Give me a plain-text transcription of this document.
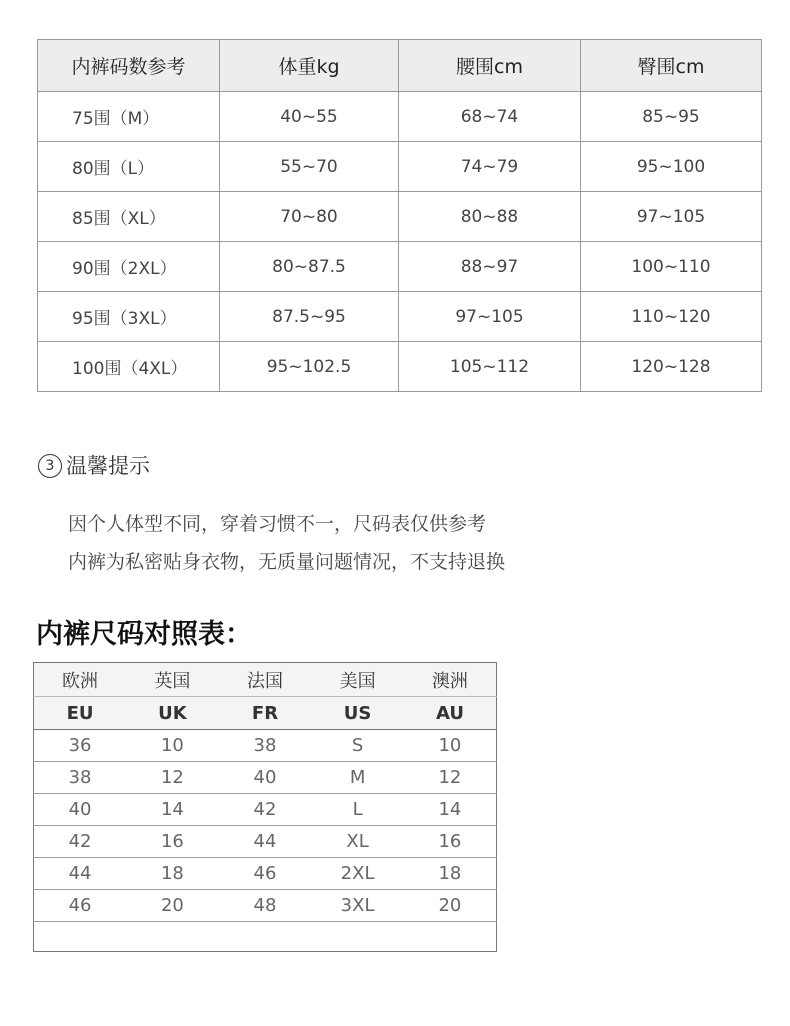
内裤码数参考	体重kg	腰围cm	臀围cm
75围（M）	40~55	68~74	85~95
80围（L）	55~70	74~79	95~100
85围（XL）	70~80	80~88	97~105
90围（2XL）	80~87.5	88~97	100~110
95围（3XL）	87.5~95	97~105	110~120
100围（4XL）	95~102.5	105~112	120~128
3 温馨提示
因个人体型不同，穿着习惯不一，尺码表仅供参考
内裤为私密贴身衣物，无质量问题情况，不支持退换
内裤尺码对照表：
欧洲	英国	法国	美国	澳洲
EU	UK	FR	US	AU
36	10	38	S	10
38	12	40	M	12
40	14	42	L	14
42	16	44	XL	16
44	18	46	2XL	18
46	20	48	3XL	20
